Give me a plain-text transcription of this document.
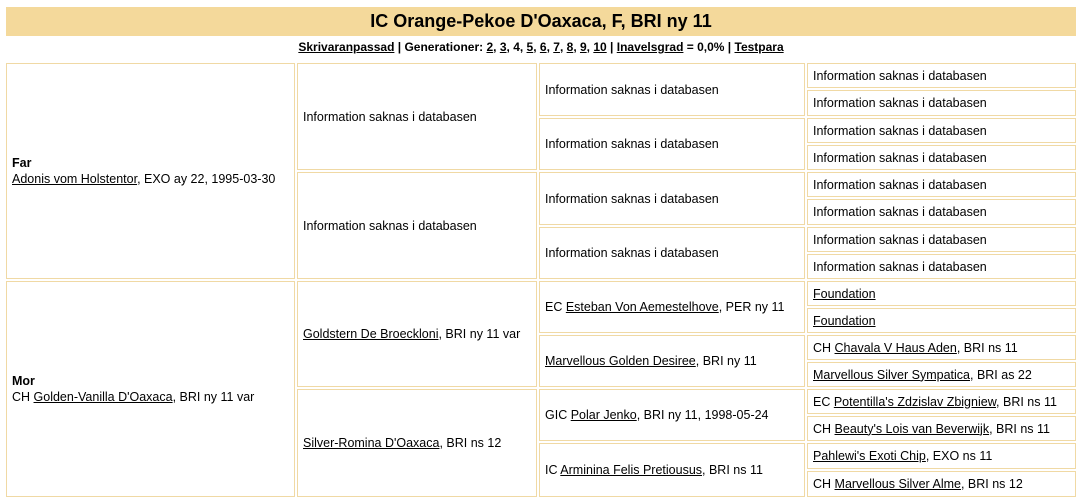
IC Orange-Pekoe D'Oaxaca, F, BRI ny 11
Skrivaranpassad | Generationer: 2, 3, 4, 5, 6, 7, 8, 9, 10 | Inavelsgrad = 0,0% | Testpara
Far
Adonis vom Holstentor, EXO ay 22, 1995-03-30
Mor
CH Golden-Vanilla D'Oaxaca, BRI ny 11 var
Information saknas i databasen
Information saknas i databasen
Goldstern De Broeckloni, BRI ny 11 var
Silver-Romina D'Oaxaca, BRI ns 12
Information saknas i databasen
Information saknas i databasen
Information saknas i databasen
Information saknas i databasen
EC Esteban Von Aemestelhove, PER ny 11
Marvellous Golden Desiree, BRI ny 11
GIC Polar Jenko, BRI ny 11, 1998-05-24
IC Arminina Felis Pretiousus, BRI ns 11
Information saknas i databasen
Information saknas i databasen
Information saknas i databasen
Information saknas i databasen
Information saknas i databasen
Information saknas i databasen
Information saknas i databasen
Information saknas i databasen
Foundation
Foundation
CH Chavala V Haus Aden, BRI ns 11
Marvellous Silver Sympatica, BRI as 22
EC Potentilla's Zdzislav Zbigniew, BRI ns 11
CH Beauty's Lois van Beverwijk, BRI ns 11
Pahlewi's Exoti Chip, EXO ns 11
CH Marvellous Silver Alme, BRI ns 12
